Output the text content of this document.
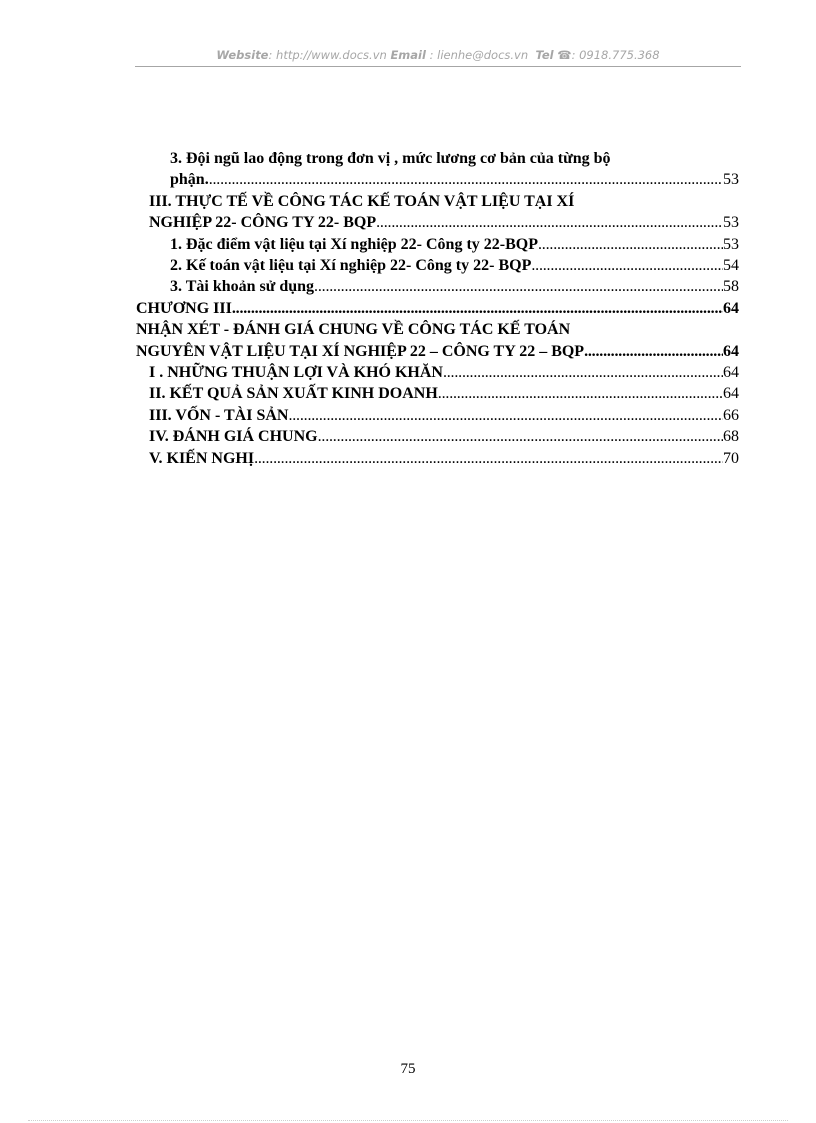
Website: http://www.docs.vn Email : lienhe@docs.vn Tel ☎: 0918.775.368
3. Đội ngũ lao động trong đơn vị , mức lương cơ bản của từng bộ
phận. . . .	53
III. THỰC TẾ VỀ CÔNG TÁC KẾ TOÁN VẬT LIỆU TẠI XÍ
NGHIỆP 22- CÔNG TY 22- BQP . . .	53
1. Đặc điểm vật liệu tại Xí nghiệp 22- Công ty 22-BQP . . .	53
2. Kế toán vật liệu tại Xí nghiệp 22- Công ty 22- BQP . . .	54
3. Tài khoản sử dụng . . .	58
CHƯƠNG III . . .	64
NHẬN XÉT - ĐÁNH GIÁ CHUNG VỀ CÔNG TÁC KẾ TOÁN
NGUYÊN VẬT LIỆU TẠI XÍ NGHIỆP 22 – CÔNG TY 22 – BQP . . .	64
I . NHỮNG THUẬN LỢI VÀ KHÓ KHĂN . . .	64
II. KẾT QUẢ SẢN XUẤT KINH DOANH . . .	64
III. VỐN - TÀI SẢN . . .	66
IV. ĐÁNH GIÁ CHUNG . . .	68
V. KIẾN NGHỊ . . .	70
75
